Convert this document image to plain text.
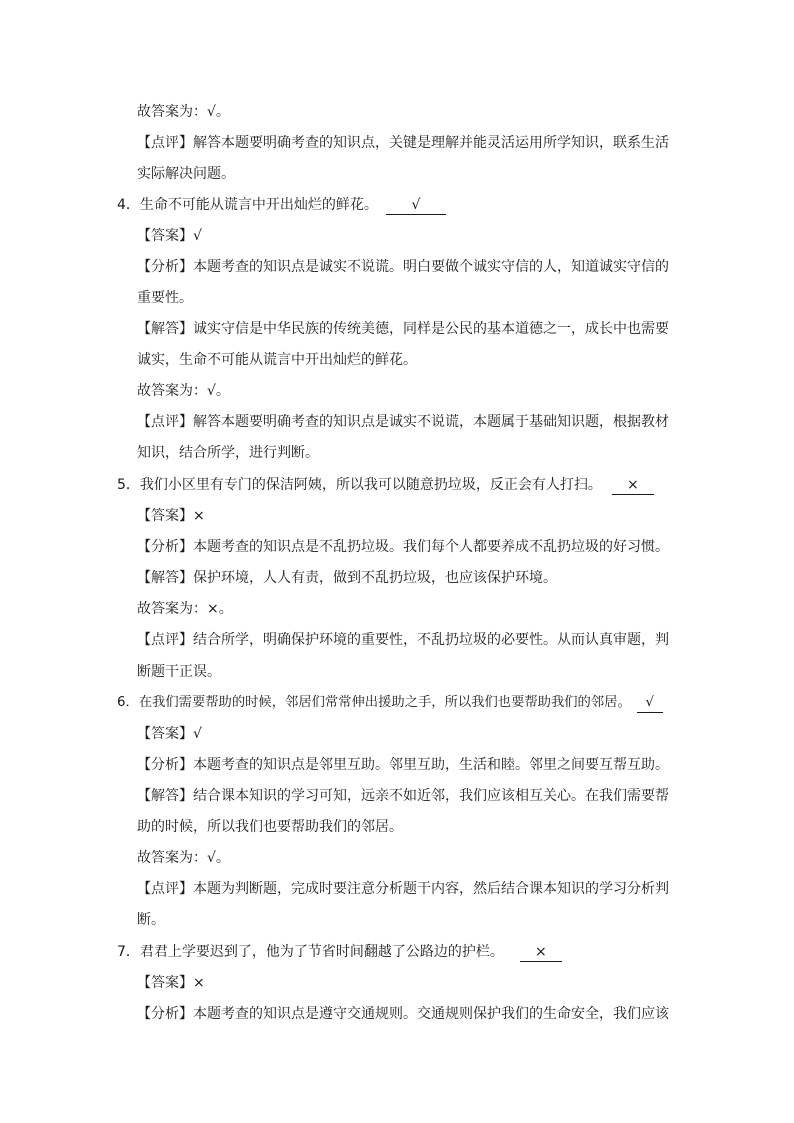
故答案为：√。
【点评】解答本题要明确考查的知识点，关键是理解并能灵活运用所学知识，联系生活
实际解决问题。
4．生命不可能从谎言中开出灿烂的鲜花。 √
【答案】√
【分析】本题考查的知识点是诚实不说谎。明白要做个诚实守信的人，知道诚实守信的
重要性。
【解答】诚实守信是中华民族的传统美德，同样是公民的基本道德之一，成长中也需要
诚实，生命不可能从谎言中开出灿烂的鲜花。
故答案为：√。
【点评】解答本题要明确考查的知识点是诚实不说谎，本题属于基础知识题，根据教材
知识，结合所学，进行判断。
5．我们小区里有专门的保洁阿姨，所以我可以随意扔垃圾，反正会有人打扫。 ×
【答案】×
【分析】本题考查的知识点是不乱扔垃圾。我们每个人都要养成不乱扔垃圾的好习惯。
【解答】保护环境，人人有责，做到不乱扔垃圾，也应该保护环境。
故答案为：×。
【点评】结合所学，明确保护环境的重要性，不乱扔垃圾的必要性。从而认真审题，判
断题干正误。
6．在我们需要帮助的时候，邻居们常常伸出援助之手，所以我们也要帮助我们的邻居。 √
【答案】√
【分析】本题考查的知识点是邻里互助。邻里互助，生活和睦。邻里之间要互帮互助。
【解答】结合课本知识的学习可知，远亲不如近邻，我们应该相互关心。在我们需要帮
助的时候，所以我们也要帮助我们的邻居。
故答案为：√。
【点评】本题为判断题，完成时要注意分析题干内容，然后结合课本知识的学习分析判
断。
7．君君上学要迟到了，他为了节省时间翻越了公路边的护栏。 ×
【答案】×
【分析】本题考查的知识点是遵守交通规则。交通规则保护我们的生命安全，我们应该
